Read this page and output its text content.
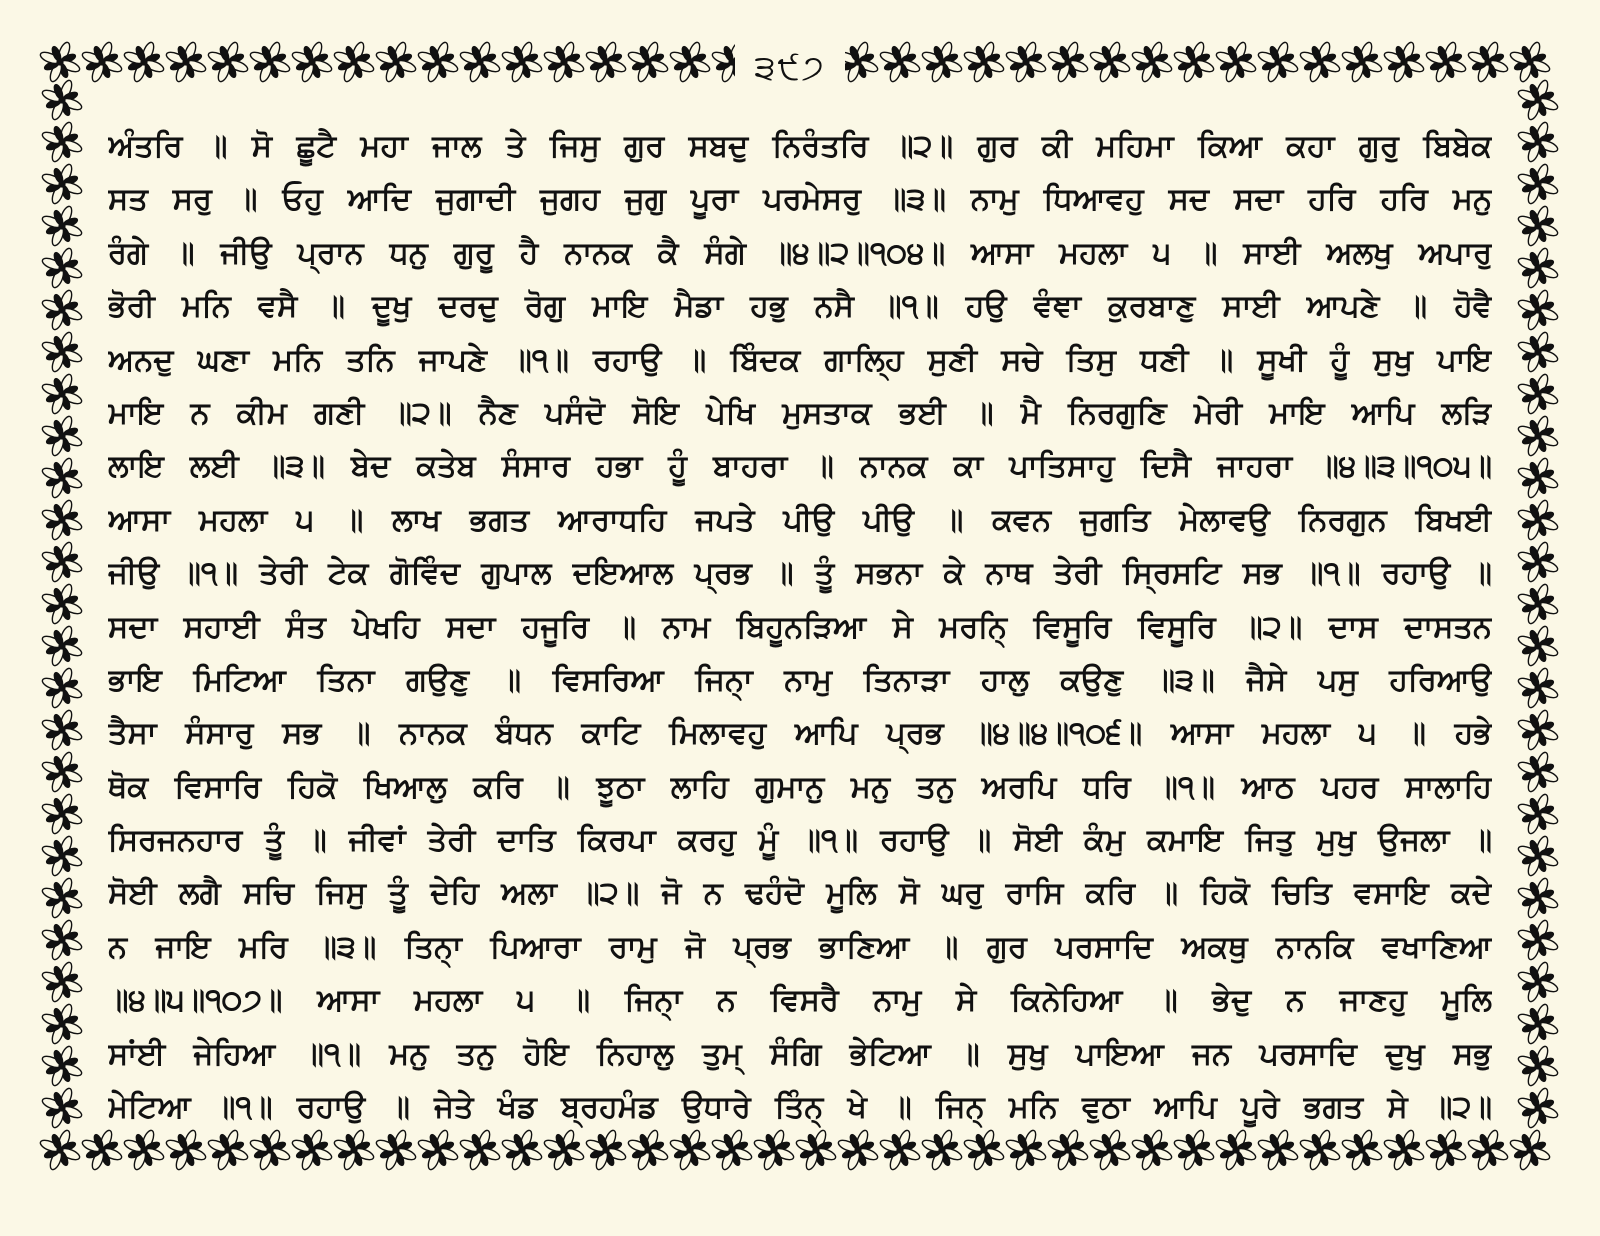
੩੯੭
ਅੰਤਰਿ ॥ ਸੋ ਛੂਟੈ ਮਹਾ ਜਾਲ ਤੇ ਜਿਸੁ ਗੁਰ ਸਬਦੁ ਨਿਰੰਤਰਿ ॥੨॥ ਗੁਰ ਕੀ ਮਹਿਮਾ ਕਿਆ ਕਹਾ ਗੁਰੁ ਬਿਬੇਕ
ਸਤ ਸਰੁ ॥ ਓਹੁ ਆਦਿ ਜੁਗਾਦੀ ਜੁਗਹ ਜੁਗੁ ਪੂਰਾ ਪਰਮੇਸਰੁ ॥੩॥ ਨਾਮੁ ਧਿਆਵਹੁ ਸਦ ਸਦਾ ਹਰਿ ਹਰਿ ਮਨੁ
ਰੰਗੇ ॥ ਜੀਉ ਪ੍ਰਾਨ ਧਨੁ ਗੁਰੂ ਹੈ ਨਾਨਕ ਕੈ ਸੰਗੇ ॥੪॥੨॥੧੦੪॥ ਆਸਾ ਮਹਲਾ ੫ ॥ ਸਾਈ ਅਲਖੁ ਅਪਾਰੁ
ਭੋਰੀ ਮਨਿ ਵਸੈ ॥ ਦੂਖੁ ਦਰਦੁ ਰੋਗੁ ਮਾਇ ਮੈਡਾ ਹਭੁ ਨਸੈ ॥੧॥ ਹਉ ਵੰਞਾ ਕੁਰਬਾਣੁ ਸਾਈ ਆਪਣੇ ॥ ਹੋਵੈ
ਅਨਦੁ ਘਣਾ ਮਨਿ ਤਨਿ ਜਾਪਣੇ ॥੧॥ ਰਹਾਉ ॥ ਬਿੰਦਕ ਗਾਲ੍ਹਿ ਸੁਣੀ ਸਚੇ ਤਿਸੁ ਧਣੀ ॥ ਸੂਖੀ ਹੂੰ ਸੁਖੁ ਪਾਇ
ਮਾਇ ਨ ਕੀਮ ਗਣੀ ॥੨॥ ਨੈਣ ਪਸੰਦੋ ਸੋਇ ਪੇਖਿ ਮੁਸਤਾਕ ਭਈ ॥ ਮੈ ਨਿਰਗੁਣਿ ਮੇਰੀ ਮਾਇ ਆਪਿ ਲੜਿ
ਲਾਇ ਲਈ ॥੩॥ ਬੇਦ ਕਤੇਬ ਸੰਸਾਰ ਹਭਾ ਹੂੰ ਬਾਹਰਾ ॥ ਨਾਨਕ ਕਾ ਪਾਤਿਸਾਹੁ ਦਿਸੈ ਜਾਹਰਾ ॥੪॥੩॥੧੦੫॥
ਆਸਾ ਮਹਲਾ ੫ ॥ ਲਾਖ ਭਗਤ ਆਰਾਧਹਿ ਜਪਤੇ ਪੀਉ ਪੀਉ ॥ ਕਵਨ ਜੁਗਤਿ ਮੇਲਾਵਉ ਨਿਰਗੁਨ ਬਿਖਈ
ਜੀਉ ॥੧॥ ਤੇਰੀ ਟੇਕ ਗੋਵਿੰਦ ਗੁਪਾਲ ਦਇਆਲ ਪ੍ਰਭ ॥ ਤੂੰ ਸਭਨਾ ਕੇ ਨਾਥ ਤੇਰੀ ਸ੍ਰਿਸਟਿ ਸਭ ॥੧॥ ਰਹਾਉ ॥
ਸਦਾ ਸਹਾਈ ਸੰਤ ਪੇਖਹਿ ਸਦਾ ਹਜੂਰਿ ॥ ਨਾਮ ਬਿਹੂਨੜਿਆ ਸੇ ਮਰਨਿ੍ ਵਿਸੂਰਿ ਵਿਸੂਰਿ ॥੨॥ ਦਾਸ ਦਾਸਤਨ
ਭਾਇ ਮਿਟਿਆ ਤਿਨਾ ਗਉਣੁ ॥ ਵਿਸਰਿਆ ਜਿਨਾ੍ ਨਾਮੁ ਤਿਨਾੜਾ ਹਾਲੁ ਕਉਣੁ ॥੩॥ ਜੈਸੇ ਪਸੁ ਹਰਿਆਉ
ਤੈਸਾ ਸੰਸਾਰੁ ਸਭ ॥ ਨਾਨਕ ਬੰਧਨ ਕਾਟਿ ਮਿਲਾਵਹੁ ਆਪਿ ਪ੍ਰਭ ॥੪॥੪॥੧੦੬॥ ਆਸਾ ਮਹਲਾ ੫ ॥ ਹਭੇ
ਥੋਕ ਵਿਸਾਰਿ ਹਿਕੋ ਖਿਆਲੁ ਕਰਿ ॥ ਝੂਠਾ ਲਾਹਿ ਗੁਮਾਨੁ ਮਨੁ ਤਨੁ ਅਰਪਿ ਧਰਿ ॥੧॥ ਆਠ ਪਹਰ ਸਾਲਾਹਿ
ਸਿਰਜਨਹਾਰ ਤੂੰ ॥ ਜੀਵਾਂ ਤੇਰੀ ਦਾਤਿ ਕਿਰਪਾ ਕਰਹੁ ਮੂੰ ॥੧॥ ਰਹਾਉ ॥ ਸੋਈ ਕੰਮੁ ਕਮਾਇ ਜਿਤੁ ਮੁਖੁ ਉਜਲਾ ॥
ਸੋਈ ਲਗੈ ਸਚਿ ਜਿਸੁ ਤੂੰ ਦੇਹਿ ਅਲਾ ॥੨॥ ਜੋ ਨ ਢਹੰਦੋ ਮੂਲਿ ਸੋ ਘਰੁ ਰਾਸਿ ਕਰਿ ॥ ਹਿਕੋ ਚਿਤਿ ਵਸਾਇ ਕਦੇ
ਨ ਜਾਇ ਮਰਿ ॥੩॥ ਤਿਨਾ੍ ਪਿਆਰਾ ਰਾਮੁ ਜੋ ਪ੍ਰਭ ਭਾਣਿਆ ॥ ਗੁਰ ਪਰਸਾਦਿ ਅਕਥੁ ਨਾਨਕਿ ਵਖਾਣਿਆ
॥੪॥੫॥੧੦੭॥ ਆਸਾ ਮਹਲਾ ੫ ॥ ਜਿਨਾ੍ ਨ ਵਿਸਰੈ ਨਾਮੁ ਸੇ ਕਿਨੇਹਿਆ ॥ ਭੇਦੁ ਨ ਜਾਣਹੁ ਮੂਲਿ
ਸਾਂਈ ਜੇਹਿਆ ॥੧॥ ਮਨੁ ਤਨੁ ਹੋਇ ਨਿਹਾਲੁ ਤੁਮ੍ ਸੰਗਿ ਭੇਟਿਆ ॥ ਸੁਖੁ ਪਾਇਆ ਜਨ ਪਰਸਾਦਿ ਦੁਖੁ ਸਭੁ
ਮੇਟਿਆ ॥੧॥ ਰਹਾਉ ॥ ਜੇਤੇ ਖੰਡ ਬ੍ਰਹਮੰਡ ਉਧਾਰੇ ਤਿੰਨ੍ ਖੇ ॥ ਜਿਨ੍ ਮਨਿ ਵੁਠਾ ਆਪਿ ਪੂਰੇ ਭਗਤ ਸੇ ॥੨॥
